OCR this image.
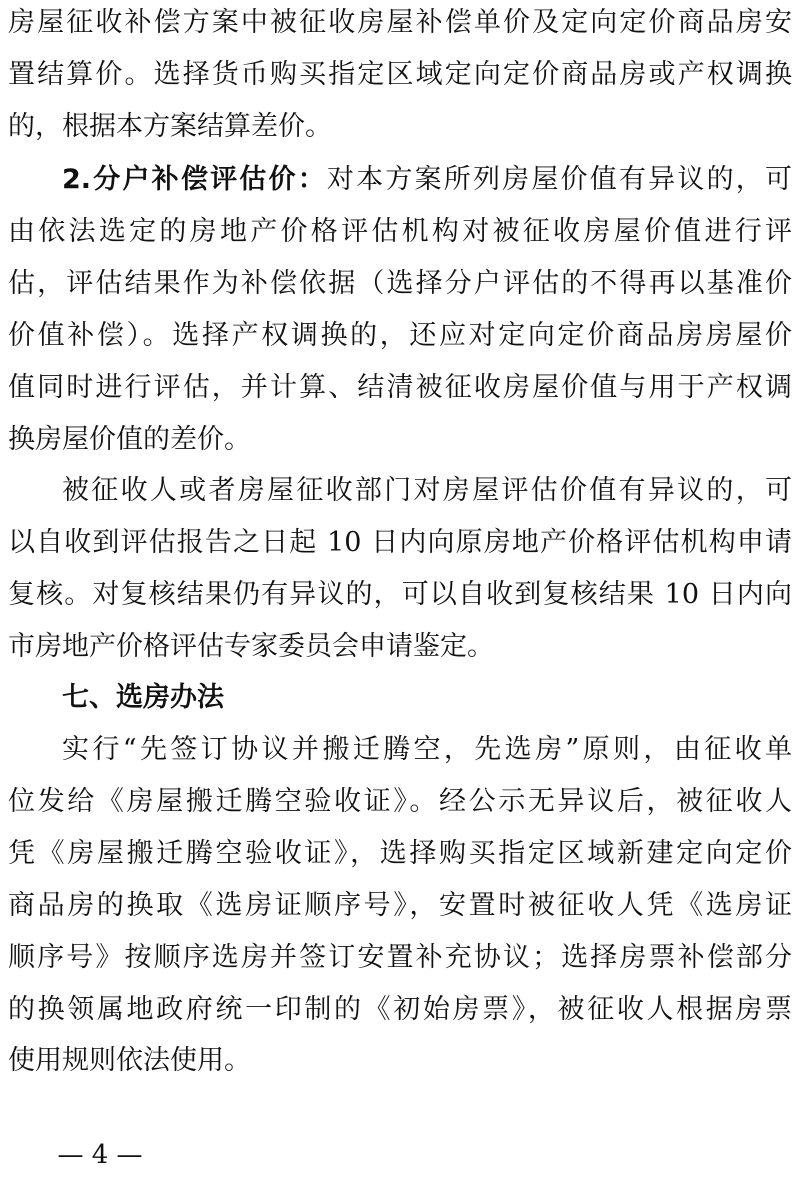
房屋征收补偿方案中被征收房屋补偿单价及定向定价商品房安
置结算价。选择货币购买指定区域定向定价商品房或产权调换
的，根据本方案结算差价。
2.分户补偿评估价：对本方案所列房屋价值有异议的，可
由依法选定的房地产价格评估机构对被征收房屋价值进行评
估，评估结果作为补偿依据（选择分户评估的不得再以基准价
价值补偿）。选择产权调换的，还应对定向定价商品房房屋价
值同时进行评估，并计算、结清被征收房屋价值与用于产权调
换房屋价值的差价。
被征收人或者房屋征收部门对房屋评估价值有异议的，可
以自收到评估报告之日起 10 日内向原房地产价格评估机构申请
复核。对复核结果仍有异议的，可以自收到复核结果 10 日内向
市房地产价格评估专家委员会申请鉴定。
七、选房办法
实行“先签订协议并搬迁腾空，先选房”原则，由征收单
位发给《房屋搬迁腾空验收证》。经公示无异议后，被征收人
凭《房屋搬迁腾空验收证》，选择购买指定区域新建定向定价
商品房的换取《选房证顺序号》，安置时被征收人凭《选房证
顺序号》按顺序选房并签订安置补充协议；选择房票补偿部分
的换领属地政府统一印制的《初始房票》，被征收人根据房票
使用规则依法使用。
— 4 —
